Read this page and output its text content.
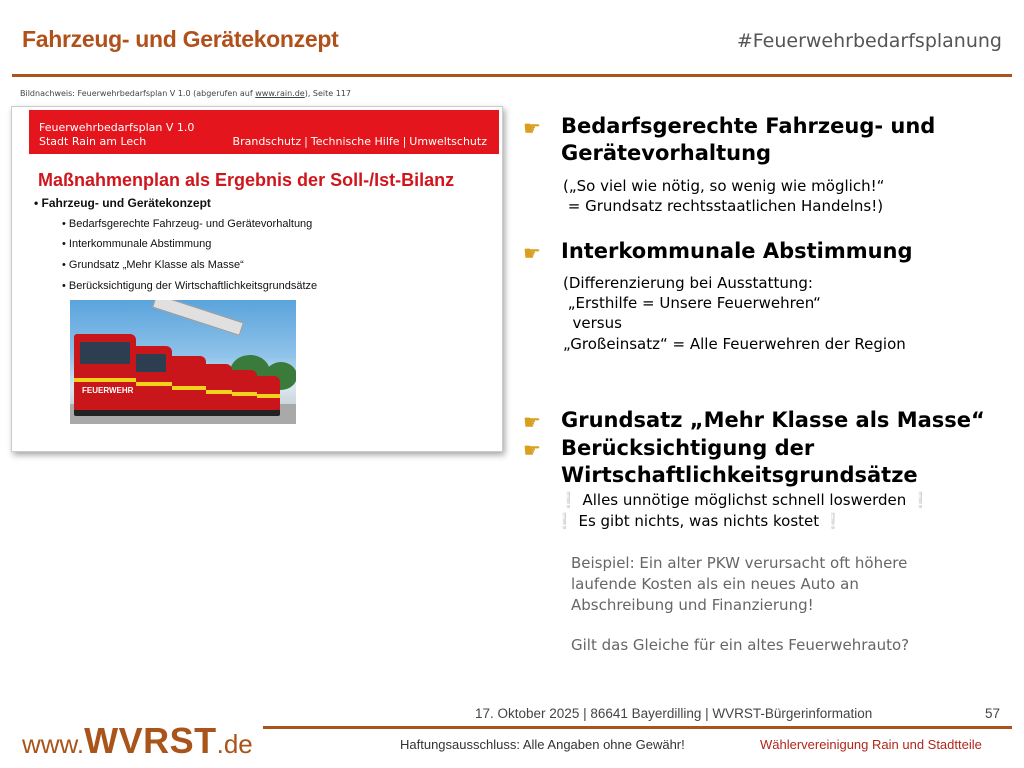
Fahrzeug- und Gerätekonzept	#Feuerwehrbedarfsplanung
Bildnachweis: Feuerwehrbedarfsplan V 1.0 (abgerufen auf www.rain.de), Seite 117
Feuerwehrbedarfsplan V 1.0
Stadt Rain am Lech	Brandschutz | Technische Hilfe | Umweltschutz
Maßnahmenplan als Ergebnis der Soll-/Ist-Bilanz
• Fahrzeug- und Gerätekonzept
• Bedarfsgerechte Fahrzeug- und Gerätevorhaltung
• Interkommunale Abstimmung
• Grundsatz „Mehr Klasse als Masse“
• Berücksichtigung der Wirtschaftlichkeitsgrundsätze
FEUERWEHR
☛ Bedarfsgerechte Fahrzeug- und
Gerätevorhaltung
(„So viel wie nötig, so wenig wie möglich!“
= Grundsatz rechtsstaatlichen Handelns!)
☛ Interkommunale Abstimmung
(Differenzierung bei Ausstattung:
„Ersthilfe = Unsere Feuerwehren“
versus
„Großeinsatz“ = Alle Feuerwehren der Region
☛ Grundsatz „Mehr Klasse als Masse“
☛ Berücksichtigung der
Wirtschaftlichkeitsgrundsätze
❕ Alles unnötige möglichst schnell loswerden ❕
❕ Es gibt nichts, was nichts kostet ❕
Beispiel: Ein alter PKW verursacht oft höhere
laufende Kosten als ein neues Auto an
Abschreibung und Finanzierung!
Gilt das Gleiche für ein altes Feuerwehrauto?
17. Oktober 2025 | 86641 Bayerdilling | WVRST-Bürgerinformation	57
www.WVRST.de	Haftungsausschluss: Alle Angaben ohne Gewähr!	Wählervereinigung Rain und Stadtteile
